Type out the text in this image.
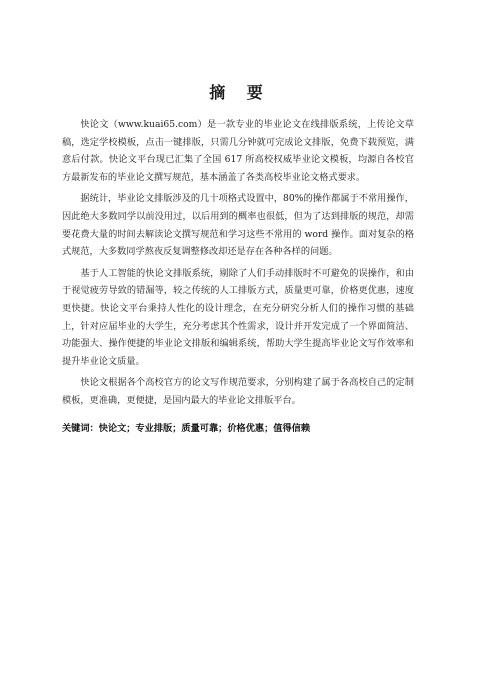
摘 要

快论文（www.kuai65.com）是一款专业的毕业论文在线排版系统，上传论文草稿，选定学校模板，点击一键排版，只需几分钟就可完成论文排版，免费下载预览，满意后付款。快论文平台现已汇集了全国 617 所高校权威毕业论文模板，均源自各校官方最新发布的毕业论文撰写规范，基本涵盖了各类高校毕业论文格式要求。

据统计，毕业论文排版涉及的几十项格式设置中，80%的操作都属于不常用操作，因此绝大多数同学以前没用过，以后用到的概率也很低，但为了达到排版的规范，却需要花费大量的时间去解读论文撰写规范和学习这些不常用的 word 操作。面对复杂的格式规范，大多数同学熬夜反复调整修改却还是存在各种各样的问题。

基于人工智能的快论文排版系统，剔除了人们手动排版时不可避免的误操作，和由于视觉疲劳导致的错漏等，较之传统的人工排版方式，质量更可靠，价格更优惠，速度更快捷。快论文平台秉持人性化的设计理念，在充分研究分析人们的操作习惯的基础上，针对应届毕业的大学生，充分考虑其个性需求，设计并开发完成了一个界面简洁、功能强大、操作便捷的毕业论文排版和编辑系统，帮助大学生提高毕业论文写作效率和提升毕业论文质量。

快论文根据各个高校官方的论文写作规范要求，分别构建了属于各高校自己的定制模板，更准确，更便捷，是国内最大的毕业论文排版平台。

关键词：快论文；专业排版；质量可靠；价格优惠；值得信赖
